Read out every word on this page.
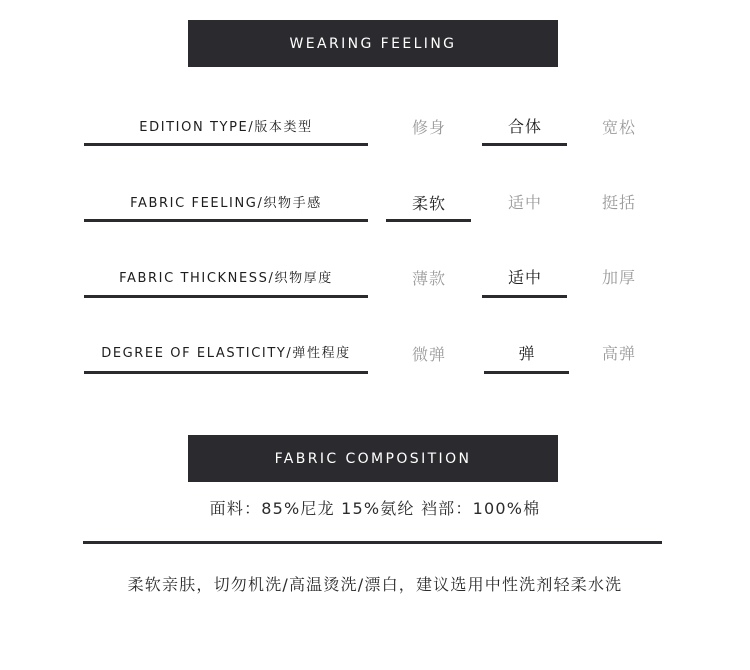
WEARING FEELING
EDITION TYPE/版本类型	修身	合体	宽松
FABRIC FEELING/织物手感	柔软	适中	挺括
FABRIC THICKNESS/织物厚度	薄款	适中	加厚
DEGREE OF ELASTICITY/弹性程度	微弹	弹	高弹
FABRIC COMPOSITION
面料：85%尼龙 15%氨纶 裆部：100%棉
柔软亲肤，切勿机洗/高温烫洗/漂白，建议选用中性洗剂轻柔水洗
